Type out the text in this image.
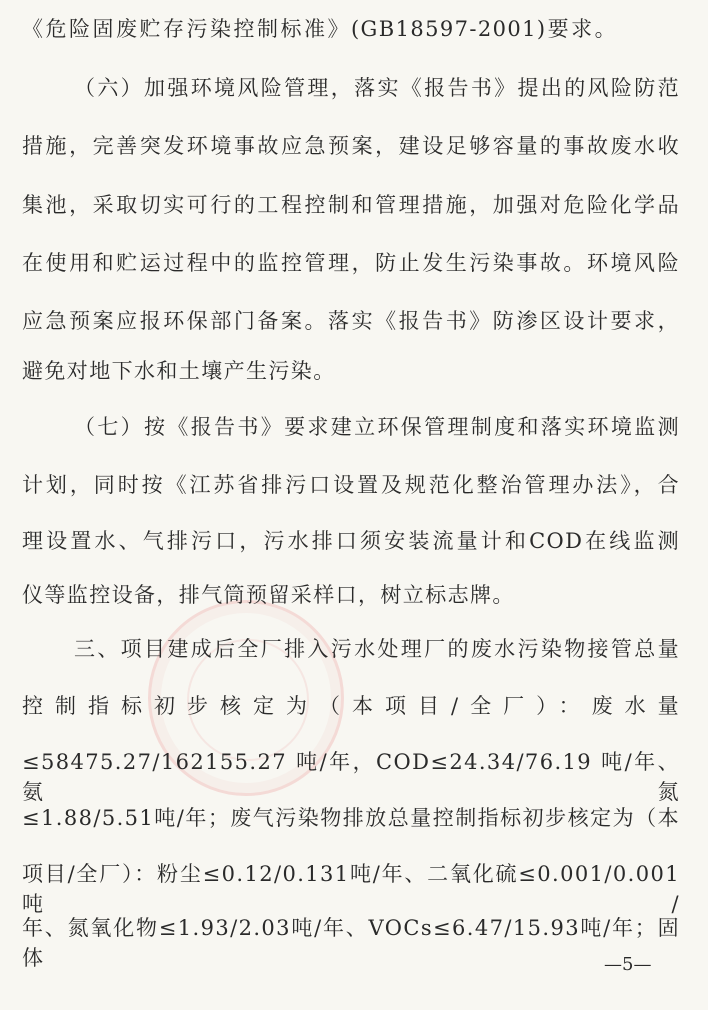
《危险固废贮存污染控制标准》(GB18597-2001)要求。
（六）加强环境风险管理，落实《报告书》提出的风险防范
措施，完善突发环境事故应急预案，建设足够容量的事故废水收
集池，采取切实可行的工程控制和管理措施，加强对危险化学品
在使用和贮运过程中的监控管理，防止发生污染事故。环境风险
应急预案应报环保部门备案。落实《报告书》防渗区设计要求，
避免对地下水和土壤产生污染。
（七）按《报告书》要求建立环保管理制度和落实环境监测
计划，同时按《江苏省排污口设置及规范化整治管理办法》，合
理设置水、气排污口，污水排口须安装流量计和COD在线监测
仪等监控设备，排气筒预留采样口，树立标志牌。
三、项目建成后全厂排入污水处理厂的废水污染物接管总量
控制指标初步核定为（本项目/全厂）：废水量
≤58475.27/162155.27 吨/年，COD≤24.34/76.19 吨/年、氨氮
≤1.88/5.51吨/年；废气污染物排放总量控制指标初步核定为（本
项目/全厂）：粉尘≤0.12/0.131吨/年、二氧化硫≤0.001/0.001吨/
年、氮氧化物≤1.93/2.03吨/年、VOCs≤6.47/15.93吨/年；固体	—5—
